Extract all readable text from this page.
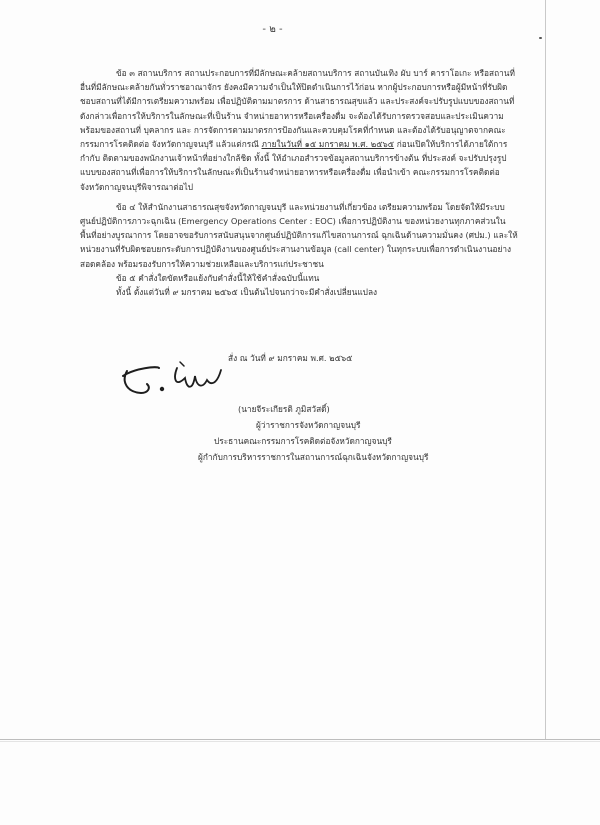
- ๒ -

ข้อ ๓ สถานบริการ สถานประกอบการที่มีลักษณะคล้ายสถานบริการ สถานบันเทิง ผับ บาร์ คาราโอเกะ หรือสถานที่อื่นที่มีลักษณะคล้ายกันทั่วราชอาณาจักร ยังคงมีความจำเป็นให้ปิดดำเนินการไว้ก่อน หากผู้ประกอบการหรือผู้มีหน้าที่รับผิดชอบสถานที่ได้มีการเตรียมความพร้อม เพื่อปฏิบัติตามมาตรการ ด้านสาธารณสุขแล้ว และประสงค์จะปรับรูปแบบของสถานที่ดังกล่าวเพื่อการให้บริการในลักษณะที่เป็นร้าน จำหน่ายอาหารหรือเครื่องดื่ม จะต้องได้รับการตรวจสอบและประเมินความพร้อมของสถานที่ บุคลากร และ การจัดการตามมาตรการป้องกันและควบคุมโรคที่กำหนด และต้องได้รับอนุญาตจากคณะกรรมการโรคติดต่อ จังหวัดกาญจนบุรี แล้วแต่กรณี ภายในวันที่ ๑๕ มกราคม พ.ศ. ๒๕๖๕ ก่อนเปิดให้บริการได้ภายใต้การกำกับ ติดตามของพนักงานเจ้าหน้าที่อย่างใกล้ชิด ทั้งนี้ ให้อำเภอสำรวจข้อมูลสถานบริการข้างต้น ที่ประสงค์ จะปรับปรุงรูปแบบของสถานที่เพื่อการให้บริการในลักษณะที่เป็นร้านจำหน่ายอาหารหรือเครื่องดื่ม เพื่อนำเข้า คณะกรรมการโรคติดต่อจังหวัดกาญจนบุรีพิจารณาต่อไป

ข้อ ๔ ให้สำนักงานสาธารณสุขจังหวัดกาญจนบุรี และหน่วยงานที่เกี่ยวข้อง เตรียมความพร้อม โดยจัดให้มีระบบศูนย์ปฏิบัติการภาวะฉุกเฉิน (Emergency Operations Center : EOC) เพื่อการปฏิบัติงาน ของหน่วยงานทุกภาคส่วนในพื้นที่อย่างบูรณาการ โดยอาจขอรับการสนับสนุนจากศูนย์ปฏิบัติการแก้ไขสถานการณ์ ฉุกเฉินด้านความมั่นคง (ศปม.) และให้หน่วยงานที่รับผิดชอบยกระดับการปฏิบัติงานของศูนย์ประสานงานข้อมูล (call center) ในทุกระบบเพื่อการดำเนินงานอย่างสอดคล้อง พร้อมรองรับการให้ความช่วยเหลือและบริการแก่ประชาชน

ข้อ ๕ คำสั่งใดขัดหรือแย้งกับคำสั่งนี้ให้ใช้คำสั่งฉบับนี้แทน

ทั้งนี้ ตั้งแต่วันที่ ๙ มกราคม ๒๕๖๕ เป็นต้นไปจนกว่าจะมีคำสั่งเปลี่ยนแปลง

สั่ง ณ วันที่ ๙ มกราคม พ.ศ. ๒๕๖๕
(นายจีระเกียรติ ภูมิสวัสดิ์)
ผู้ว่าราชการจังหวัดกาญจนบุรี
ประธานคณะกรรมการโรคติดต่อจังหวัดกาญจนบุรี
ผู้กำกับการบริหารราชการในสถานการณ์ฉุกเฉินจังหวัดกาญจนบุรี
